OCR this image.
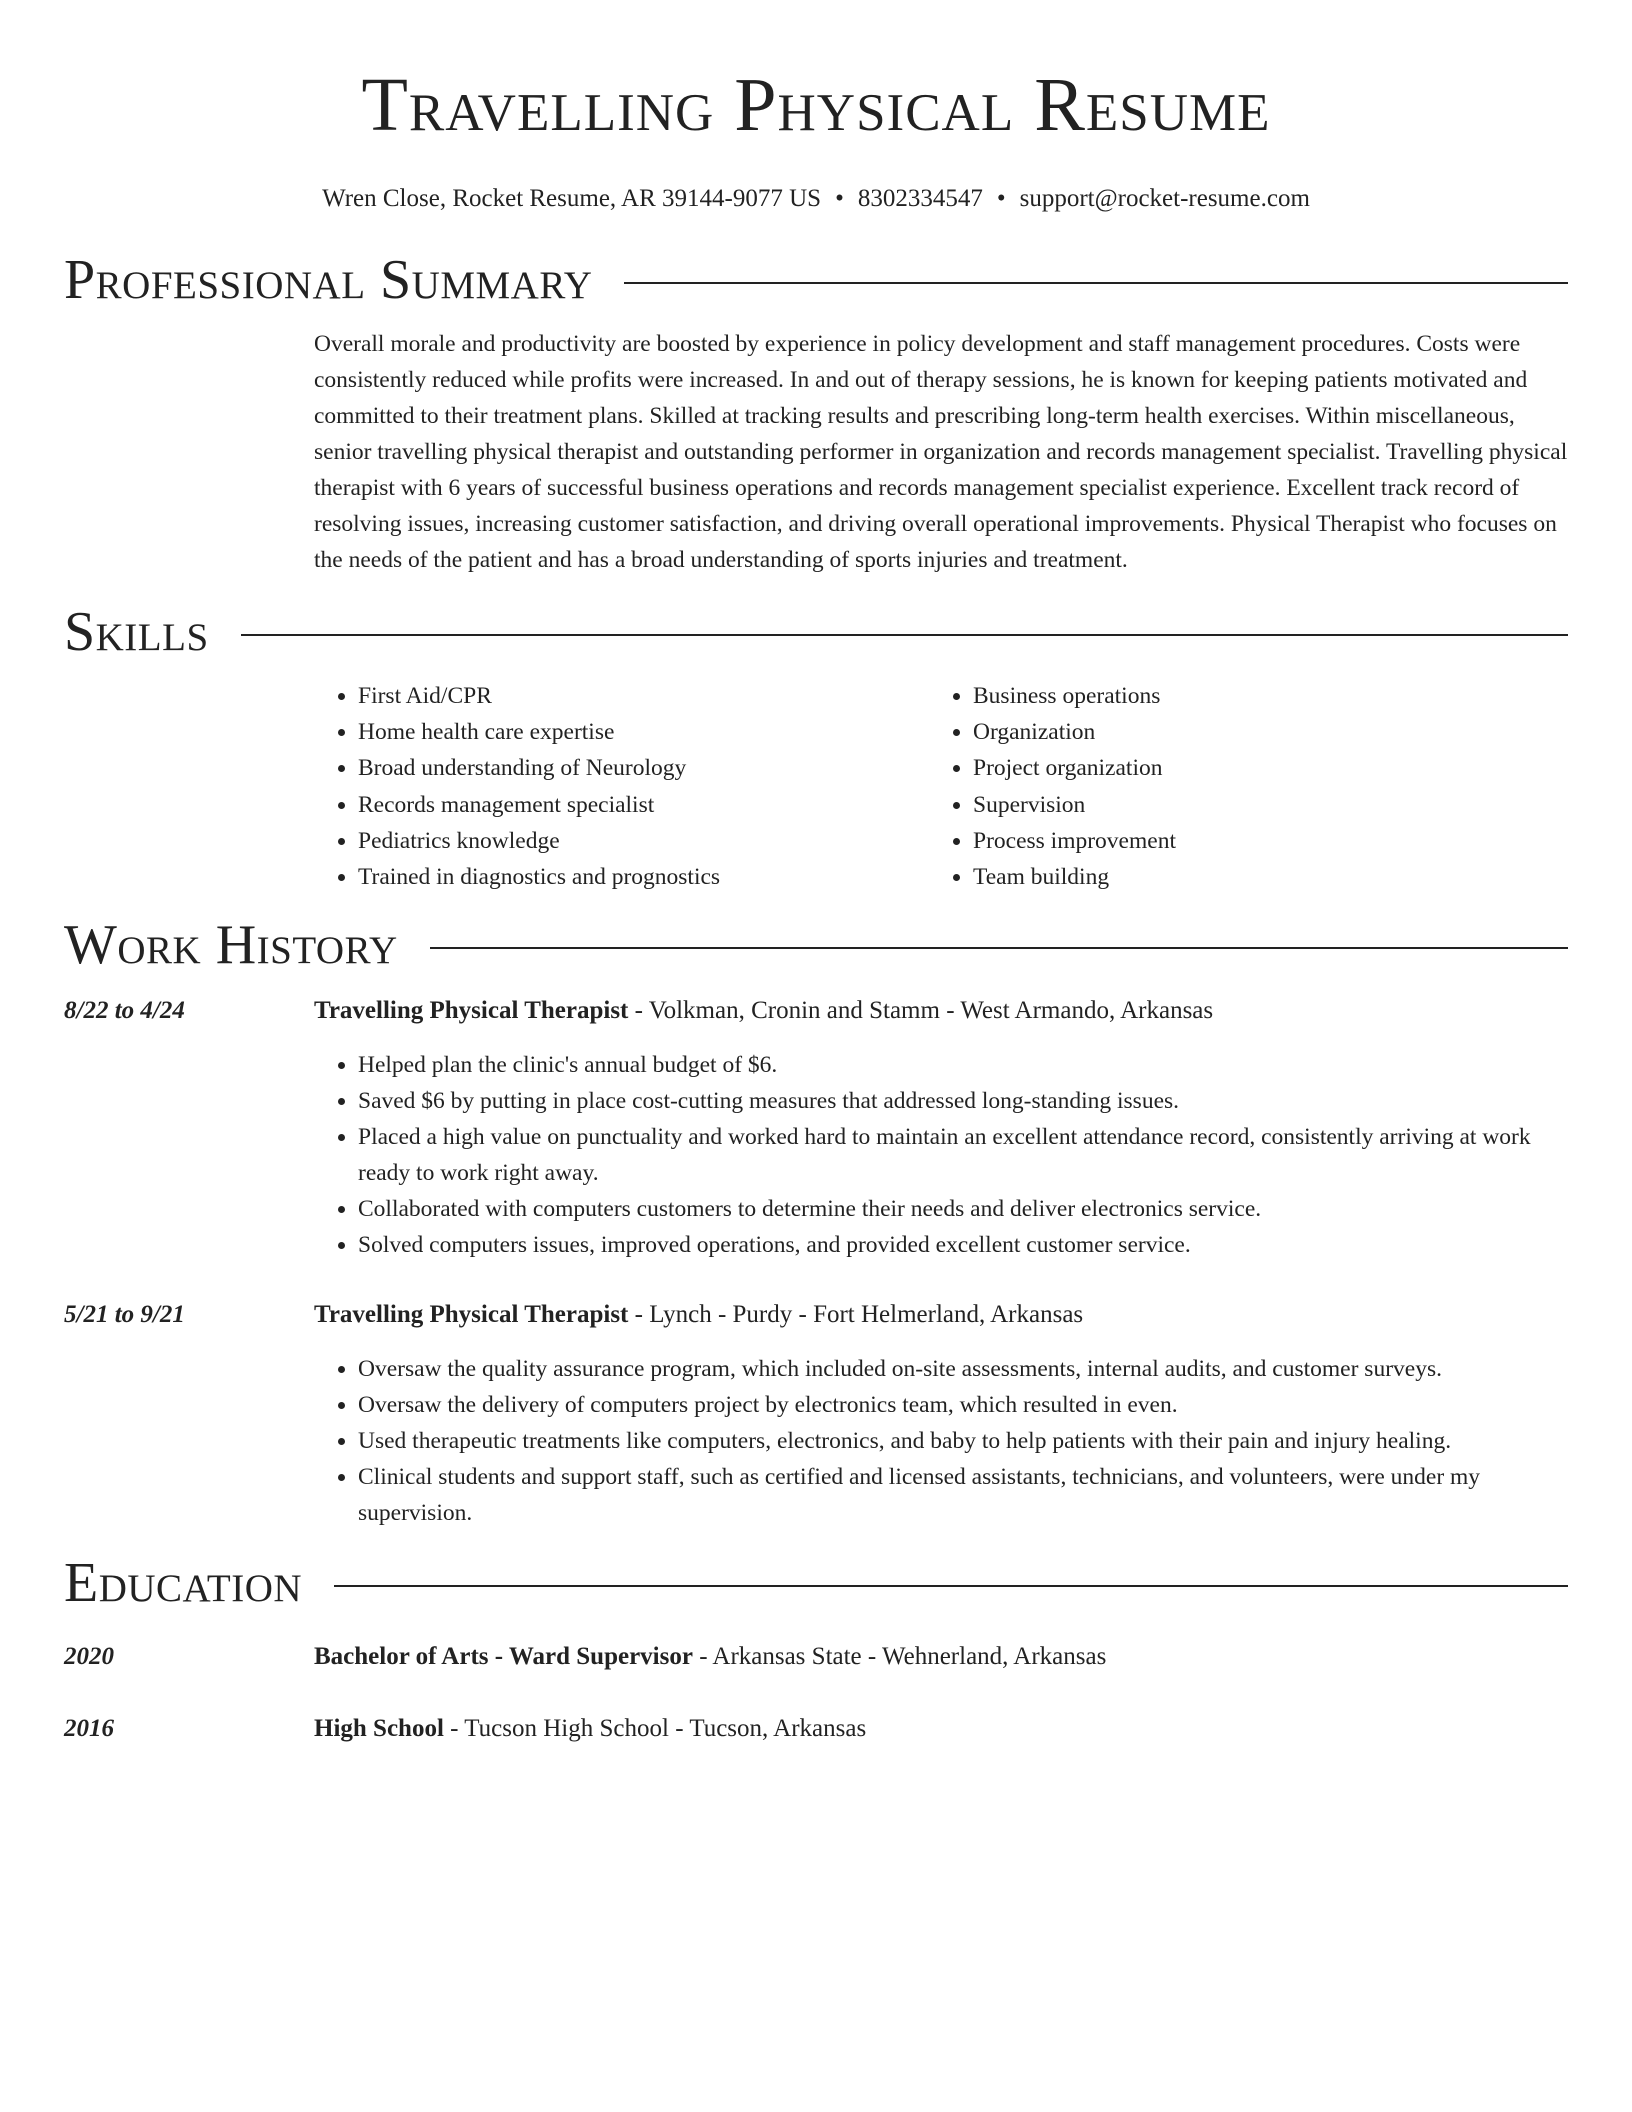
Travelling Physical Resume
Wren Close, Rocket Resume, AR 39144-9077 US • 8302334547 • support@rocket-resume.com
Professional Summary
Overall morale and productivity are boosted by experience in policy development and staff management procedures. Costs were consistently reduced while profits were increased. In and out of therapy sessions, he is known for keeping patients motivated and committed to their treatment plans. Skilled at tracking results and prescribing long-term health exercises. Within miscellaneous, senior travelling physical therapist and outstanding performer in organization and records management specialist. Travelling physical therapist with 6 years of successful business operations and records management specialist experience. Excellent track record of resolving issues, increasing customer satisfaction, and driving overall operational improvements. Physical Therapist who focuses on the needs of the patient and has a broad understanding of sports injuries and treatment.
Skills
• First Aid/CPR
• Home health care expertise
• Broad understanding of Neurology
• Records management specialist
• Pediatrics knowledge
• Trained in diagnostics and prognostics
• Business operations
• Organization
• Project organization
• Supervision
• Process improvement
• Team building
Work History
8/22 to 4/24	Travelling Physical Therapist - Volkman, Cronin and Stamm - West Armando, Arkansas
• Helped plan the clinic's annual budget of $6.
• Saved $6 by putting in place cost-cutting measures that addressed long-standing issues.
• Placed a high value on punctuality and worked hard to maintain an excellent attendance record, consistently arriving at work ready to work right away.
• Collaborated with computers customers to determine their needs and deliver electronics service.
• Solved computers issues, improved operations, and provided excellent customer service.
5/21 to 9/21	Travelling Physical Therapist - Lynch - Purdy - Fort Helmerland, Arkansas
• Oversaw the quality assurance program, which included on-site assessments, internal audits, and customer surveys.
• Oversaw the delivery of computers project by electronics team, which resulted in even.
• Used therapeutic treatments like computers, electronics, and baby to help patients with their pain and injury healing.
• Clinical students and support staff, such as certified and licensed assistants, technicians, and volunteers, were under my supervision.
Education
2020	Bachelor of Arts - Ward Supervisor - Arkansas State - Wehnerland, Arkansas
2016	High School - Tucson High School - Tucson, Arkansas
